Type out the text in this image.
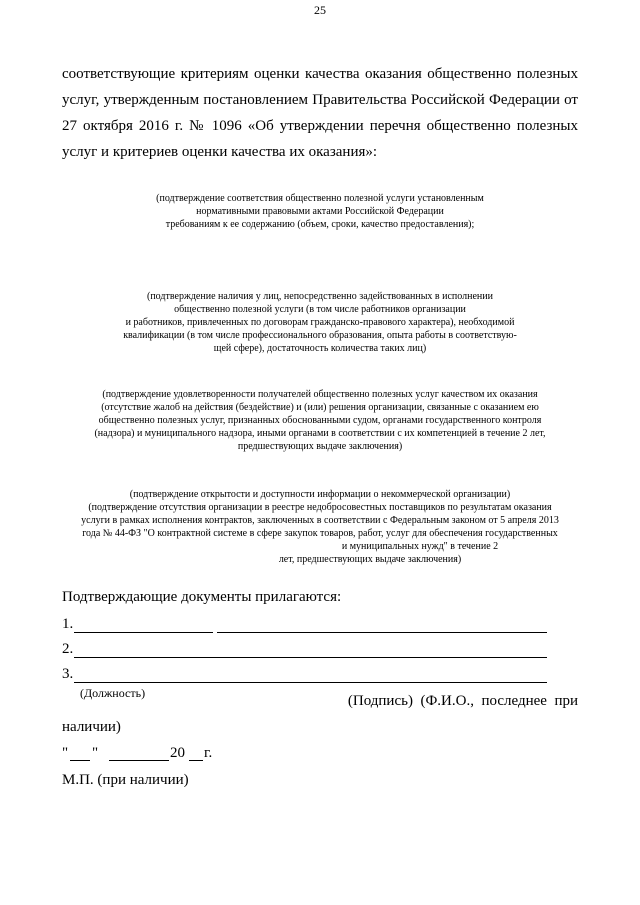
25
соответствующие критериям оценки качества оказания общественно полезных
услуг, утвержденным постановлением Правительства Российской Федерации от
27 октября 2016 г. № 1096 «Об утверждении перечня общественно полезных
услуг и критериев оценки качества их оказания»:
(подтверждение соответствия общественно полезной услуги установленным
нормативными правовыми актами Российской Федерации
требованиям к ее содержанию (объем, сроки, качество предоставления);
(подтверждение наличия у лиц, непосредственно задействованных в исполнении
общественно полезной услуги (в том числе работников организации
и работников, привлеченных по договорам гражданско-правового характера), необходимой
квалификации (в том числе профессионального образования, опыта работы в соответствую-
щей сфере), достаточность количества таких лиц)
(подтверждение удовлетворенности получателей общественно полезных услуг качеством их оказания
(отсутствие жалоб на действия (бездействие) и (или) решения организации, связанные с оказанием ею
общественно полезных услуг, признанных обоснованными судом, органами государственного контроля
(надзора) и муниципального надзора, иными органами в соответствии с их компетенцией в течение 2 лет,
предшествующих выдаче заключения)
(подтверждение открытости и доступности информации о некоммерческой организации)
(подтверждение отсутствия организации в реестре недобросовестных поставщиков по результатам оказания
услуги в рамках исполнения контрактов, заключенных в соответствии с Федеральным законом от 5 апреля 2013
года № 44-ФЗ "О контрактной системе в сфере закупок товаров, работ, услуг для обеспечения государственных
и муниципальных нужд" в течение 2
лет, предшествующих выдаче заключения)
Подтверждающие документы прилагаются:
1.
2.
3.
(Должность)	(Подпись)  (Ф.И.О.,  последнее  при
наличии)
" "	20 г.
М.П. (при наличии)
